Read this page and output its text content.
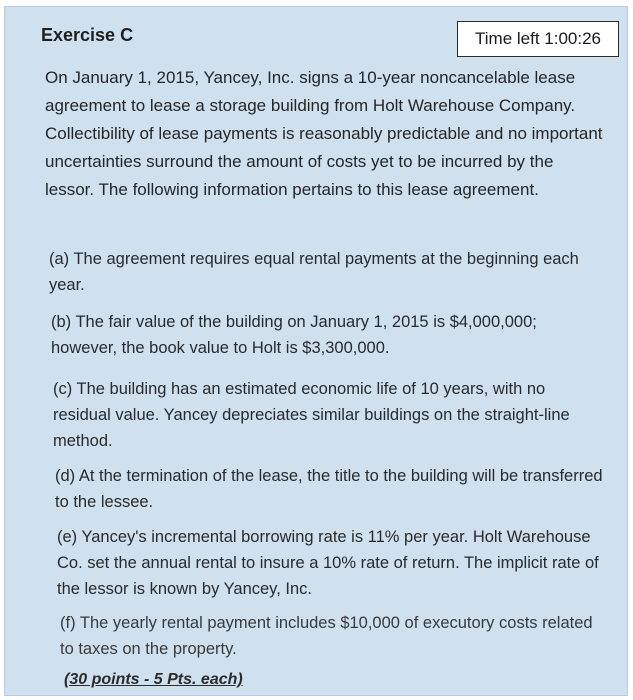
Exercise C	Time left 1:00:26
On January 1, 2015, Yancey, Inc. signs a 10-year noncancelable lease agreement to lease a storage building from Holt Warehouse Company. Collectibility of lease payments is reasonably predictable and no important uncertainties surround the amount of costs yet to be incurred by the lessor. The following information pertains to this lease agreement.
(a) The agreement requires equal rental payments at the beginning each year.
(b) The fair value of the building on January 1, 2015 is $4,000,000; however, the book value to Holt is $3,300,000.
(c) The building has an estimated economic life of 10 years, with no residual value. Yancey depreciates similar buildings on the straight-line method.
(d) At the termination of the lease, the title to the building will be transferred to the lessee.
(e) Yancey's incremental borrowing rate is 11% per year. Holt Warehouse Co. set the annual rental to insure a 10% rate of return. The implicit rate of the lessor is known by Yancey, Inc.
(f) The yearly rental payment includes $10,000 of executory costs related to taxes on the property.
(30 points - 5 Pts. each)
